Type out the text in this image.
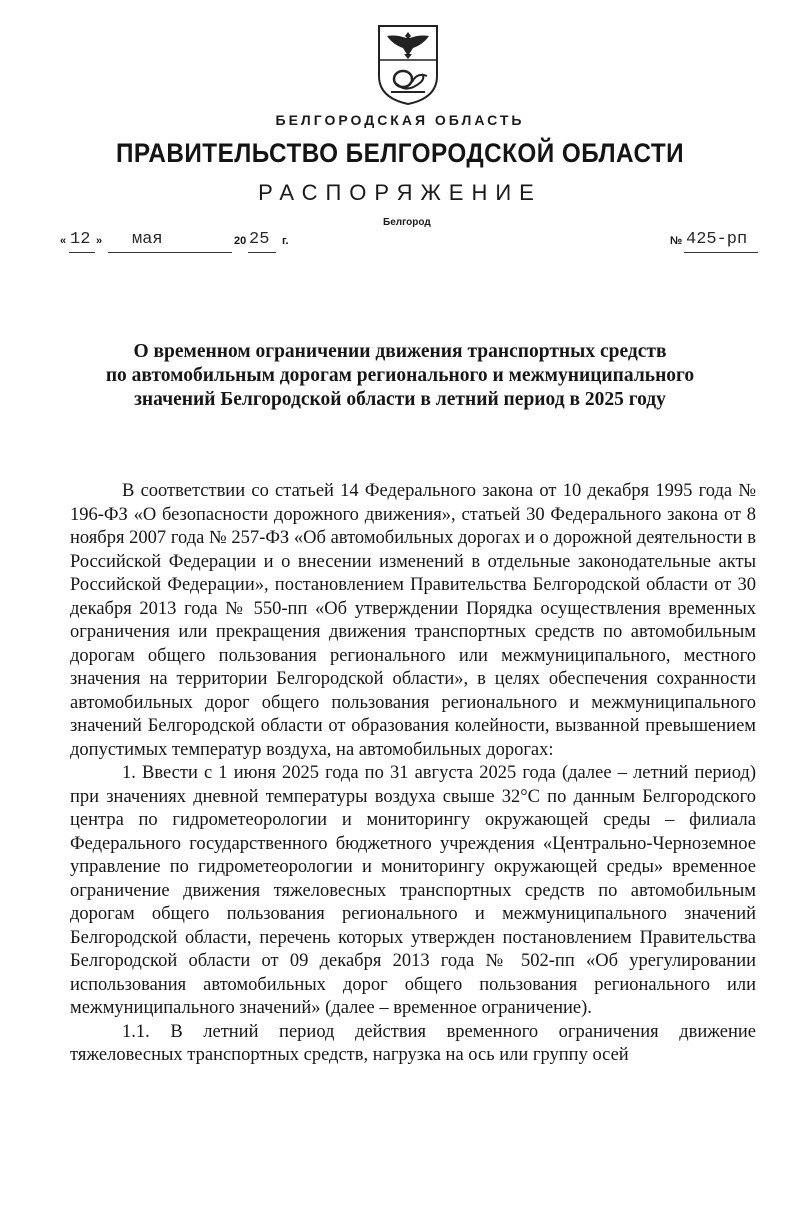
БЕЛГОРОДСКАЯ ОБЛАСТЬ
ПРАВИТЕЛЬСТВО БЕЛГОРОДСКОЙ ОБЛАСТИ
РАСПОРЯЖЕНИЕ
Белгород
« 12 » мая	20 25 г.	№ 425-рп
О временном ограничении движения транспортных средств
по автомобильным дорогам регионального и межмуниципального
значений Белгородской области в летний период в 2025 году

В соответствии со статьей 14 Федерального закона от 10 декабря 1995 года № 196-ФЗ «О безопасности дорожного движения», статьей 30 Федерального закона от 8 ноября 2007 года № 257-ФЗ «Об автомобильных дорогах и о дорожной деятельности в Российской Федерации и о внесении изменений в отдельные законодательные акты Российской Федерации», постановлением Правительства Белгородской области от 30 декабря 2013 года № 550-пп «Об утверждении Порядка осуществления временных ограничения или прекращения движения транспортных средств по автомобильным дорогам общего пользования регионального или межмуниципального, местного значения на территории Белгородской области», в целях обеспечения сохранности автомобильных дорог общего пользования регионального и межмуниципального значений Белгородской области от образования колейности, вызванной превышением допустимых температур воздуха, на автомобильных дорогах:

1. Ввести с 1 июня 2025 года по 31 августа 2025 года (далее – летний период) при значениях дневной температуры воздуха свыше 32°С по данным Белгородского центра по гидрометеорологии и мониторингу окружающей среды – филиала Федерального государственного бюджетного учреждения «Центрально-Черноземное управление по гидрометеорологии и мониторингу окружающей среды» временное ограничение движения тяжеловесных транспортных средств по автомобильным дорогам общего пользования регионального и межмуниципального значений Белгородской области, перечень которых утвержден постановлением Правительства Белгородской области от 09 декабря 2013 года № 502-пп «Об урегулировании использования автомобильных дорог общего пользования регионального или межмуниципального значений» (далее – временное ограничение).

1.1. В летний период действия временного ограничения движение тяжеловесных транспортных средств, нагрузка на ось или группу осей
